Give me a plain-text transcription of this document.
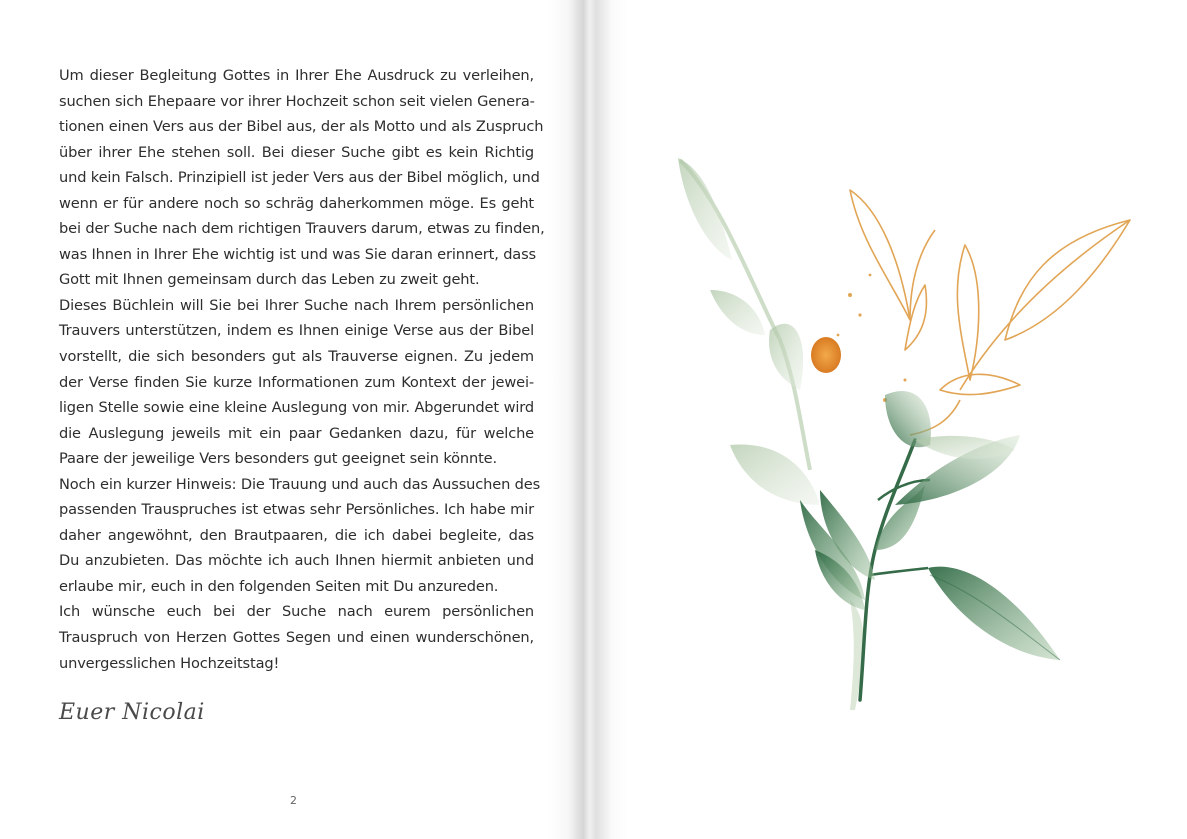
Um dieser Begleitung Gottes in Ihrer Ehe Ausdruck zu verleihen,
suchen sich Ehepaare vor ihrer Hochzeit schon seit vielen Genera-
tionen einen Vers aus der Bibel aus, der als Motto und als Zuspruch
über ihrer Ehe stehen soll. Bei dieser Suche gibt es kein Richtig
und kein Falsch. Prinzipiell ist jeder Vers aus der Bibel möglich, und
wenn er für andere noch so schräg daherkommen möge. Es geht
bei der Suche nach dem richtigen Trauvers darum, etwas zu finden,
was Ihnen in Ihrer Ehe wichtig ist und was Sie daran erinnert, dass
Gott mit Ihnen gemeinsam durch das Leben zu zweit geht.
Dieses Büchlein will Sie bei Ihrer Suche nach Ihrem persönlichen
Trauvers unterstützen, indem es Ihnen einige Verse aus der Bibel
vorstellt, die sich besonders gut als Trauverse eignen. Zu jedem
der Verse finden Sie kurze Informationen zum Kontext der jewei-
ligen Stelle sowie eine kleine Auslegung von mir. Abgerundet wird
die Auslegung jeweils mit ein paar Gedanken dazu, für welche
Paare der jeweilige Vers besonders gut geeignet sein könnte.
Noch ein kurzer Hinweis: Die Trauung und auch das Aussuchen des
passenden Trauspruches ist etwas sehr Persönliches. Ich habe mir
daher angewöhnt, den Brautpaaren, die ich dabei begleite, das
Du anzubieten. Das möchte ich auch Ihnen hiermit anbieten und
erlaube mir, euch in den folgenden Seiten mit Du anzureden.
Ich wünsche euch bei der Suche nach eurem persönlichen
Trauspruch von Herzen Gottes Segen und einen wunderschönen,
unvergesslichen Hochzeitstag!
Euer Nicolai
2
